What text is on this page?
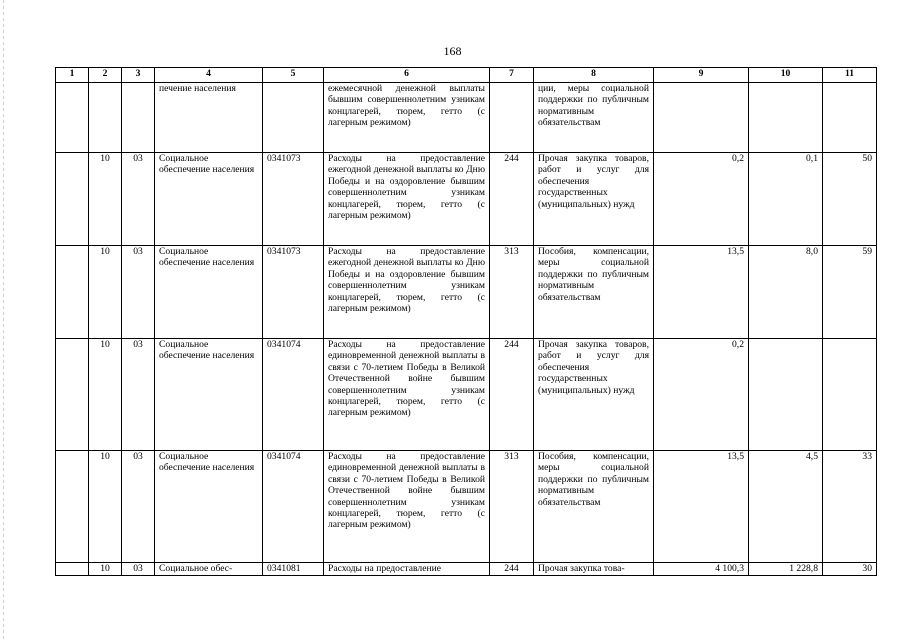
168
1	2	3	4	5	6	7	8	9	10	11
			печение населения		ежемесячной денежной выплаты бывшим совершеннолетним узникам концлагерей, тюрем, гетто (с лагерным режимом)		ции, меры социальной поддержки по публичным нормативным обязательствам			
	10	03	Социальное обеспечение населения	0341073	Расходы на предоставление ежегодной денежной выплаты ко Дню Победы и на оздоровление бывшим совершеннолетним узникам концлагерей, тюрем, гетто (с лагерным режимом)	244	Прочая закупка товаров, работ и услуг для обеспечения государственных (муниципальных) нужд	0,2	0,1	50
	10	03	Социальное обеспечение населения	0341073	Расходы на предоставление ежегодной денежной выплаты ко Дню Победы и на оздоровление бывшим совершеннолетним узникам концлагерей, тюрем, гетто (с лагерным режимом)	313	Пособия, компенсации, меры социальной поддержки по публичным нормативным обязательствам	13,5	8,0	59
	10	03	Социальное обеспечение населения	0341074	Расходы на предоставление единовременной денежной выплаты в связи с 70-летием Победы в Великой Отечественной войне бывшим совершеннолетним узникам концлагерей, тюрем, гетто (с лагерным режимом)	244	Прочая закупка товаров, работ и услуг для обеспечения государственных (муниципальных) нужд	0,2		
	10	03	Социальное обеспечение населения	0341074	Расходы на предоставление единовременной денежной выплаты в связи с 70-летием Победы в Великой Отечественной войне бывшим совершеннолетним узникам концлагерей, тюрем, гетто (с лагерным режимом)	313	Пособия, компенсации, меры социальной поддержки по публичным нормативным обязательствам	13,5	4,5	33
	10	03	Социальное обес-	0341081	Расходы на предоставление	244	Прочая закупка това-	4 100,3	1 228,8	30
